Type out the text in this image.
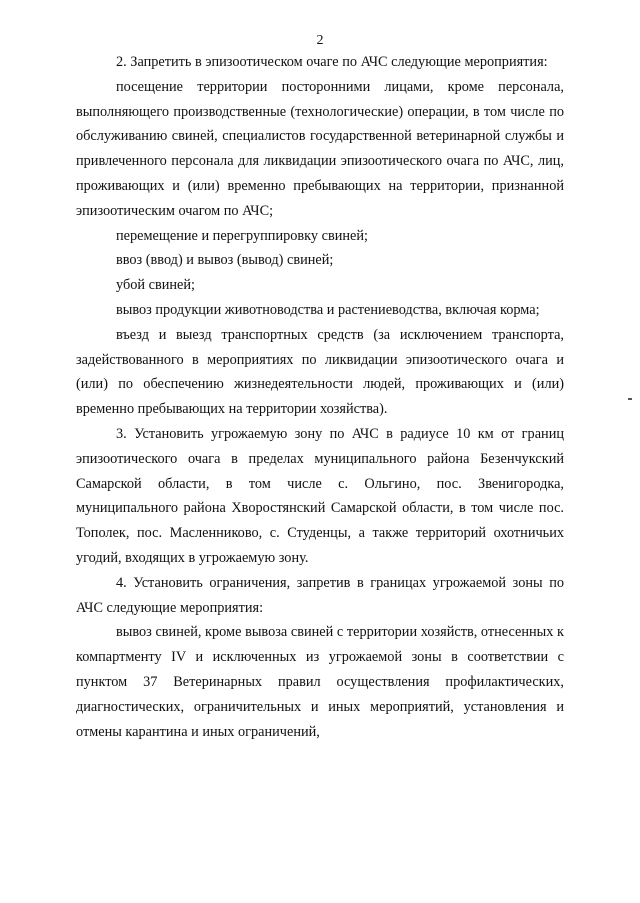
2

2. Запретить в эпизоотическом очаге по АЧС следующие мероприятия:

посещение территории посторонними лицами, кроме персонала, выполняющего производственные (технологические) операции, в том числе по обслуживанию свиней, специалистов государственной ветеринарной службы и привлеченного персонала для ликвидации эпизоотического очага по АЧС, лиц, проживающих и (или) временно пребывающих на территории, признанной эпизоотическим очагом по АЧС;

перемещение и перегруппировку свиней;

ввоз (ввод) и вывоз (вывод) свиней;

убой свиней;

вывоз продукции животноводства и растениеводства, включая корма;

въезд и выезд транспортных средств (за исключением транспорта, задействованного в мероприятиях по ликвидации эпизоотического очага и (или) по обеспечению жизнедеятельности людей, проживающих и (или) временно пребывающих на территории хозяйства).

3. Установить угрожаемую зону по АЧС в радиусе 10 км от границ эпизоотического очага в пределах муниципального района Безенчукский Самарской области, в том числе с. Ольгино, пос. Звенигородка, муниципального района Хворостянский Самарской области, в том числе пос. Тополек, пос. Масленниково, с. Студенцы, а также территорий охотничьих угодий, входящих в угрожаемую зону.

4. Установить ограничения, запретив в границах угрожаемой зоны по АЧС следующие мероприятия:

вывоз свиней, кроме вывоза свиней с территории хозяйств, отнесенных к компартменту IV и исключенных из угрожаемой зоны в соответствии с пунктом 37 Ветеринарных правил осуществления профилактических, диагностических, ограничительных и иных мероприятий, установления и отмены карантина и иных ограничений,
